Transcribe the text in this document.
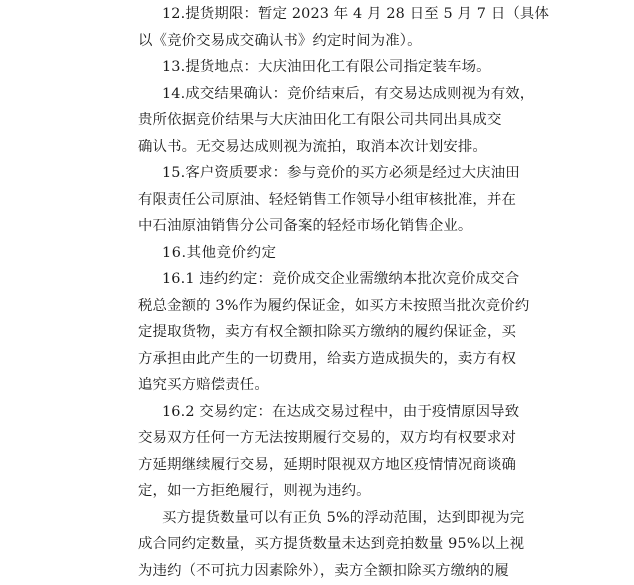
12.提货期限：暂定 2023 年 4 月 28 日至 5 月 7 日（具体
以《竞价交易成交确认书》约定时间为准）。
13.提货地点：大庆油田化工有限公司指定装车场。
14.成交结果确认：竞价结束后，有交易达成则视为有效，
贵所依据竞价结果与大庆油田化工有限公司共同出具成交
确认书。无交易达成则视为流拍，取消本次计划安排。
15.客户资质要求：参与竞价的买方必须是经过大庆油田
有限责任公司原油、轻烃销售工作领导小组审核批准，并在
中石油原油销售分公司备案的轻烃市场化销售企业。
16.其他竞价约定
16.1 违约约定：竞价成交企业需缴纳本批次竞价成交合
税总金额的 3%作为履约保证金，如买方未按照当批次竞价约
定提取货物，卖方有权全额扣除买方缴纳的履约保证金，买
方承担由此产生的一切费用，给卖方造成损失的，卖方有权
追究买方赔偿责任。
16.2 交易约定：在达成交易过程中，由于疫情原因导致
交易双方任何一方无法按期履行交易的，双方均有权要求对
方延期继续履行交易，延期时限视双方地区疫情情况商谈确
定，如一方拒绝履行，则视为违约。
买方提货数量可以有正负 5%的浮动范围，达到即视为完
成合同约定数量，买方提货数量未达到竞拍数量 95%以上视
为违约（不可抗力因素除外），卖方全额扣除买方缴纳的履
